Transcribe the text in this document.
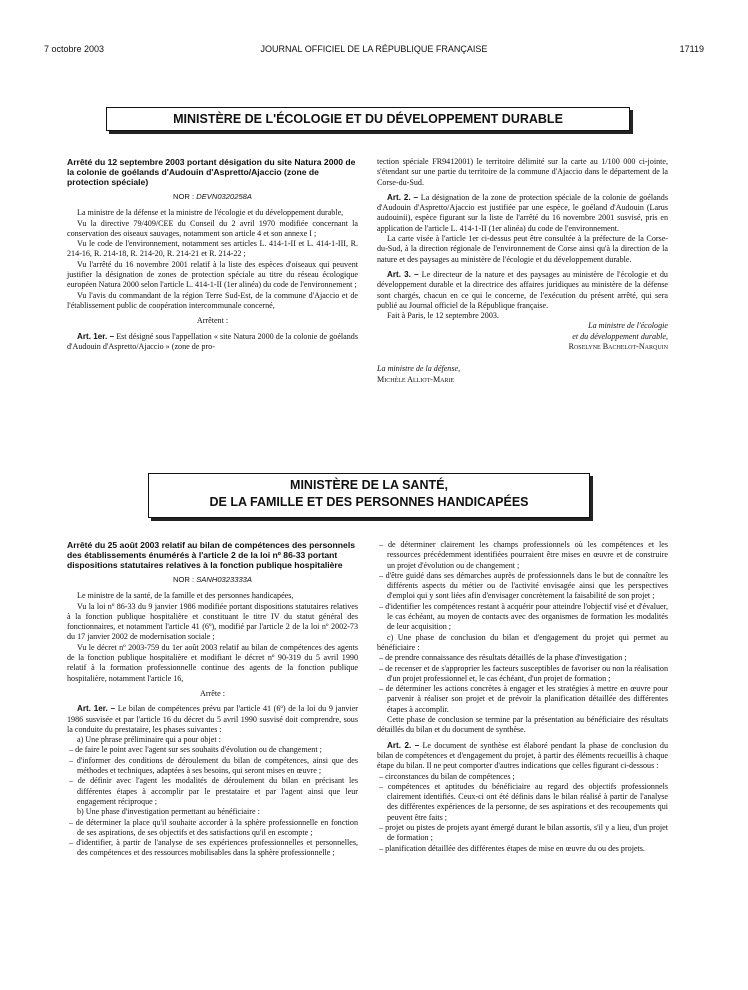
7 octobre 2003	JOURNAL OFFICIEL DE LA RÉPUBLIQUE FRANÇAISE	17119
MINISTÈRE DE L'ÉCOLOGIE ET DU DÉVELOPPEMENT DURABLE

Arrêté du 12 septembre 2003 portant désigation du site Natura 2000 de la colonie de goélands d'Audouin d'Aspretto/Ajaccio (zone de protection spéciale)

NOR : DEVN0320258A

La ministre de la défense et la ministre de l'écologie et du développement durable,

Vu la directive 79/409/CEE du Conseil du 2 avril 1970 modifiée concernant la conservation des oiseaux sauvages, notamment son article 4 et son annexe I ;

Vu le code de l'environnement, notamment ses articles L. 414-1-II et L. 414-1-III, R. 214-16, R. 214-18, R. 214-20, R. 214-21 et R. 214-22 ;

Vu l'arrêté du 16 novembre 2001 relatif à la liste des espèces d'oiseaux qui peuvent justifier la désignation de zones de protection spéciale au titre du réseau écologique européen Natura 2000 selon l'article L. 414-1-II (1er alinéa) du code de l'environnement ;

Vu l'avis du commandant de la région Terre Sud-Est, de la commune d'Ajaccio et de l'établissement public de coopération intercommunale concerné,

Arrêtent :

Art. 1er. – Est désigné sous l'appellation « site Natura 2000 de la colonie de goélands d'Audouin d'Aspretto/Ajaccio » (zone de pro-

tection spéciale FR9412001) le territoire délimité sur la carte au 1/100 000 ci-jointe, s'étendant sur une partie du territoire de la commune d'Ajaccio dans le département de la Corse-du-Sud.

Art. 2. – La désignation de la zone de protection spéciale de la colonie de goélands d'Audouin d'Aspretto/Ajaccio est justifiée par une espèce, le goéland d'Audouin (Larus audouinii), espèce figurant sur la liste de l'arrêté du 16 novembre 2001 susvisé, pris en application de l'article L. 414-1-II (1er alinéa) du code de l'environnement.

La carte visée à l'article 1er ci-dessus peut être consultée à la préfecture de la Corse-du-Sud, à la direction régionale de l'environnement de Corse ainsi qu'à la direction de la nature et des paysages au ministère de l'écologie et du développement durable.

Art. 3. – Le directeur de la nature et des paysages au ministère de l'écologie et du développement durable et la directrice des affaires juridiques au ministère de la défense sont chargés, chacun en ce qui le concerne, de l'exécution du présent arrêté, qui sera publié au Journal officiel de la République française.

Fait à Paris, le 12 septembre 2003.

La ministre de l'écologie

et du développement durable,

Roselyne Bachelot-Narquin

La ministre de la défense,

Michèle Alliot-Marie

MINISTÈRE DE LA SANTÉ,
DE LA FAMILLE ET DES PERSONNES HANDICAPÉES

Arrêté du 25 août 2003 relatif au bilan de compétences des personnels des établissements énumérés à l'article 2 de la loi nº 86-33 portant dispositions statutaires relatives à la fonction publique hospitalière

NOR : SANH0323333A

Le ministre de la santé, de la famille et des personnes handicapées,

Vu la loi nº 86-33 du 9 janvier 1986 modifiée portant dispositions statutaires relatives à la fonction publique hospitalière et constituant le titre IV du statut général des fonctionnaires, et notamment l'article 41 (6º), modifié par l'article 2 de la loi nº 2002-73 du 17 janvier 2002 de modernisation sociale ;

Vu le décret nº 2003-759 du 1er août 2003 relatif au bilan de compétences des agents de la fonction publique hospitalière et modifiant le décret nº 90-319 du 5 avril 1990 relatif à la formation professionnelle continue des agents de la fonction publique hospitalière, notamment l'article 16,

Arrête :

Art. 1er. – Le bilan de compétences prévu par l'article 41 (6º) de la loi du 9 janvier 1986 susvisée et par l'article 16 du décret du 5 avril 1990 susvisé doit comprendre, sous la conduite du prestataire, les phases suivantes :

a) Une phrase préliminaire qui a pour objet :

– de faire le point avec l'agent sur ses souhaits d'évolution ou de changement ;

– d'informer des conditions de déroulement du bilan de compétences, ainsi que des méthodes et techniques, adaptées à ses besoins, qui seront mises en œuvre ;

– de définir avec l'agent les modalités de déroulement du bilan en précisant les différentes étapes à accomplir par le prestataire et par l'agent ainsi que leur engagement réciproque ;

b) Une phase d'investigation permettant au bénéficiaire :

– de déterminer la place qu'il souhaite accorder à la sphère professionnelle en fonction de ses aspirations, de ses objectifs et des satisfactions qu'il en escompte ;

– d'identifier, à partir de l'analyse de ses expériences professionnelles et personnelles, des compétences et des ressources mobilisables dans la sphère professionnelle ;

– de déterminer clairement les champs professionnels où les compétences et les ressources précédemment identifiées pourraient être mises en œuvre et de construire un projet d'évolution ou de changement ;

– d'être guidé dans ses démarches auprès de professionnels dans le but de connaître les différents aspects du métier ou de l'activité envisagée ainsi que les perspectives d'emploi qui y sont liées afin d'envisager concrètement la faisabilité de son projet ;

– d'identifier les compétences restant à acquérir pour atteindre l'objectif visé et d'évaluer, le cas échéant, au moyen de contacts avec des organismes de formation les modalités de leur acquisition ;

c) Une phase de conclusion du bilan et d'engagement du projet qui permet au bénéficiaire :

– de prendre connaissance des résultats détaillés de la phase d'investigation ;

– de recenser et de s'approprier les facteurs susceptibles de favoriser ou non la réalisation d'un projet professionnel et, le cas échéant, d'un projet de formation ;

– de déterminer les actions concrètes à engager et les stratégies à mettre en œuvre pour parvenir à réaliser son projet et de prévoir la planification détaillée des différentes étapes à accomplir.

Cette phase de conclusion se termine par la présentation au bénéficiaire des résultats détaillés du bilan et du document de synthèse.

Art. 2. – Le document de synthèse est élaboré pendant la phase de conclusion du bilan de compétences et d'engagement du projet, à partir des éléments recueillis à chaque étape du bilan. Il ne peut comporter d'autres indications que celles figurant ci-dessous :

– circonstances du bilan de compétences ;

– compétences et aptitudes du bénéficiaire au regard des objectifs professionnels clairement identifiés. Ceux-ci ont été définis dans le bilan réalisé à partir de l'analyse des différentes expériences de la personne, de ses aspirations et des recoupements qui peuvent être faits ;

– projet ou pistes de projets ayant émergé durant le bilan assortis, s'il y a lieu, d'un projet de formation ;

– planification détaillée des différentes étapes de mise en œuvre du ou des projets.
